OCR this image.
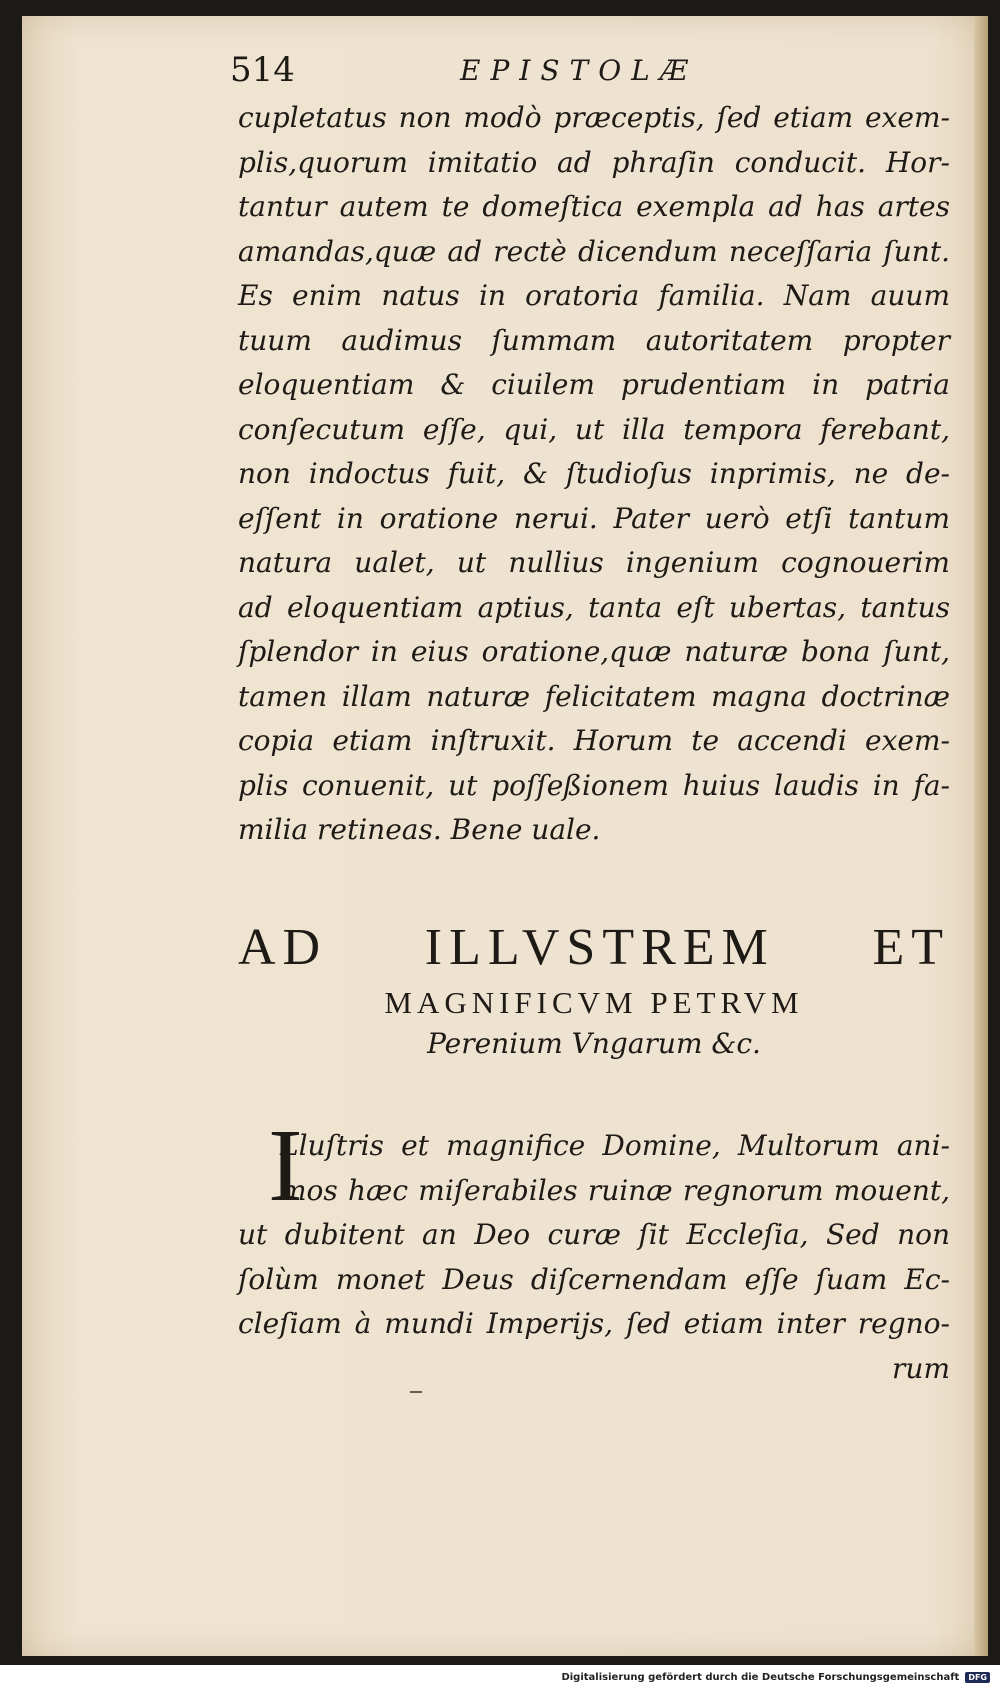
514	EPISTOLÆ
cupletatus non modò præceptis, ſed etiam exem-
plis,quorum imitatio ad phraſin conducit. Hor-
tantur autem te domeſtica exempla ad has artes
amandas,quæ ad rectè dicendum neceſſaria ſunt.
Es enim natus in oratoria familia. Nam auum
tuum audimus ſummam autoritatem propter
eloquentiam & ciuilem prudentiam in patria
conſecutum eſſe, qui, ut illa tempora ferebant,
non indoctus fuit, & ſtudioſus inprimis, ne de-
eſſent in oratione nerui. Pater uerò etſi tantum
natura ualet, ut nullius ingenium cognouerim
ad eloquentiam aptius, tanta eſt ubertas, tantus
ſplendor in eius oratione,quæ naturæ bona ſunt,
tamen illam naturæ felicitatem magna doctrinæ
copia etiam inſtruxit. Horum te accendi exem-
plis conuenit, ut poſſeßionem huius laudis in fa-
milia retineas. Bene uale.
AD ILLVSTREM ET
MAGNIFICVM PETRVM
Perenium Vngarum &c.
I
Lluſtris et magnifice Domine, Multorum ani-
mos hæc miſerabiles ruinæ regnorum mouent,
ut dubitent an Deo curæ ſit Eccleſia, Sed non
ſolùm monet Deus diſcernendam eſſe ſuam Ec-
cleſiam à mundi Imperijs, ſed etiam inter regno-
rum
Digitalisierung gefördert durch die Deutsche Forschungsgemeinschaft	DFG
